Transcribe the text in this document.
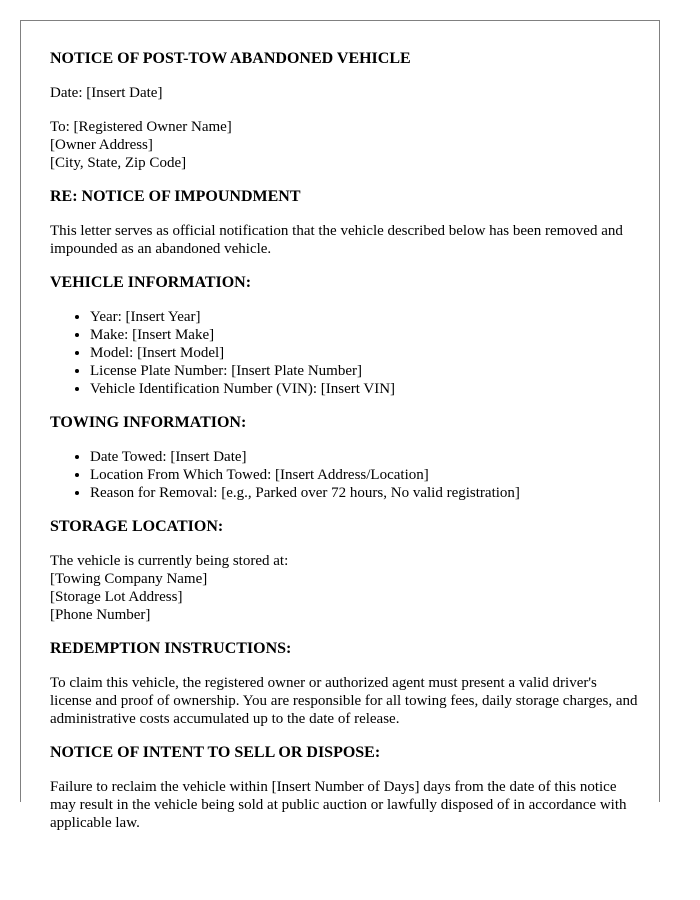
NOTICE OF POST-TOW ABANDONED VEHICLE

Date: [Insert Date]

To: [Registered Owner Name]
[Owner Address]
[City, State, Zip Code]

RE: NOTICE OF IMPOUNDMENT

This letter serves as official notification that the vehicle described below has been removed and impounded as an abandoned vehicle.

VEHICLE INFORMATION:
• Year: [Insert Year]
• Make: [Insert Make]
• Model: [Insert Model]
• License Plate Number: [Insert Plate Number]
• Vehicle Identification Number (VIN): [Insert VIN]
TOWING INFORMATION:
• Date Towed: [Insert Date]
• Location From Which Towed: [Insert Address/Location]
• Reason for Removal: [e.g., Parked over 72 hours, No valid registration]
STORAGE LOCATION:

The vehicle is currently being stored at:
[Towing Company Name]
[Storage Lot Address]
[Phone Number]

REDEMPTION INSTRUCTIONS:

To claim this vehicle, the registered owner or authorized agent must present a valid driver's license and proof of ownership. You are responsible for all towing fees, daily storage charges, and administrative costs accumulated up to the date of release.

NOTICE OF INTENT TO SELL OR DISPOSE:

Failure to reclaim the vehicle within [Insert Number of Days] days from the date of this notice may result in the vehicle being sold at public auction or lawfully disposed of in accordance with applicable law.
